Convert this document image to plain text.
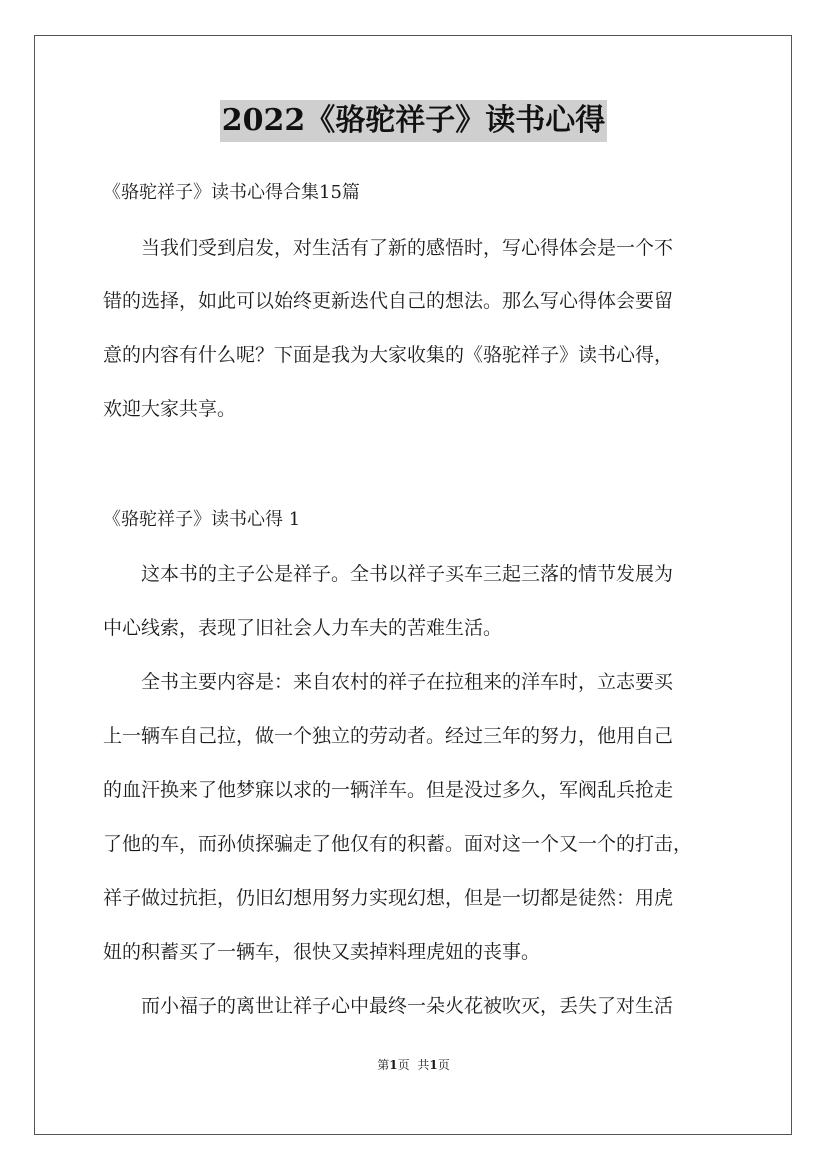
2022《骆驼祥子》读书心得
《骆驼祥子》读书心得合集15篇
当我们受到启发，对生活有了新的感悟时，写心得体会是一个不
错的选择，如此可以始终更新迭代自己的想法。那么写心得体会要留
意的内容有什么呢？下面是我为大家收集的《骆驼祥子》读书心得，
欢迎大家共享。
《骆驼祥子》读书心得 1
这本书的主子公是祥子。全书以祥子买车三起三落的情节发展为
中心线索，表现了旧社会人力车夫的苦难生活。
全书主要内容是：来自农村的祥子在拉租来的洋车时，立志要买
上一辆车自己拉，做一个独立的劳动者。经过三年的努力，他用自己
的血汗换来了他梦寐以求的一辆洋车。但是没过多久，军阀乱兵抢走
了他的车，而孙侦探骗走了他仅有的积蓄。面对这一个又一个的打击，
祥子做过抗拒，仍旧幻想用努力实现幻想，但是一切都是徒然：用虎
妞的积蓄买了一辆车，很快又卖掉料理虎妞的丧事。
而小福子的离世让祥子心中最终一朵火花被吹灭，丢失了对生活
第1页 共1页
